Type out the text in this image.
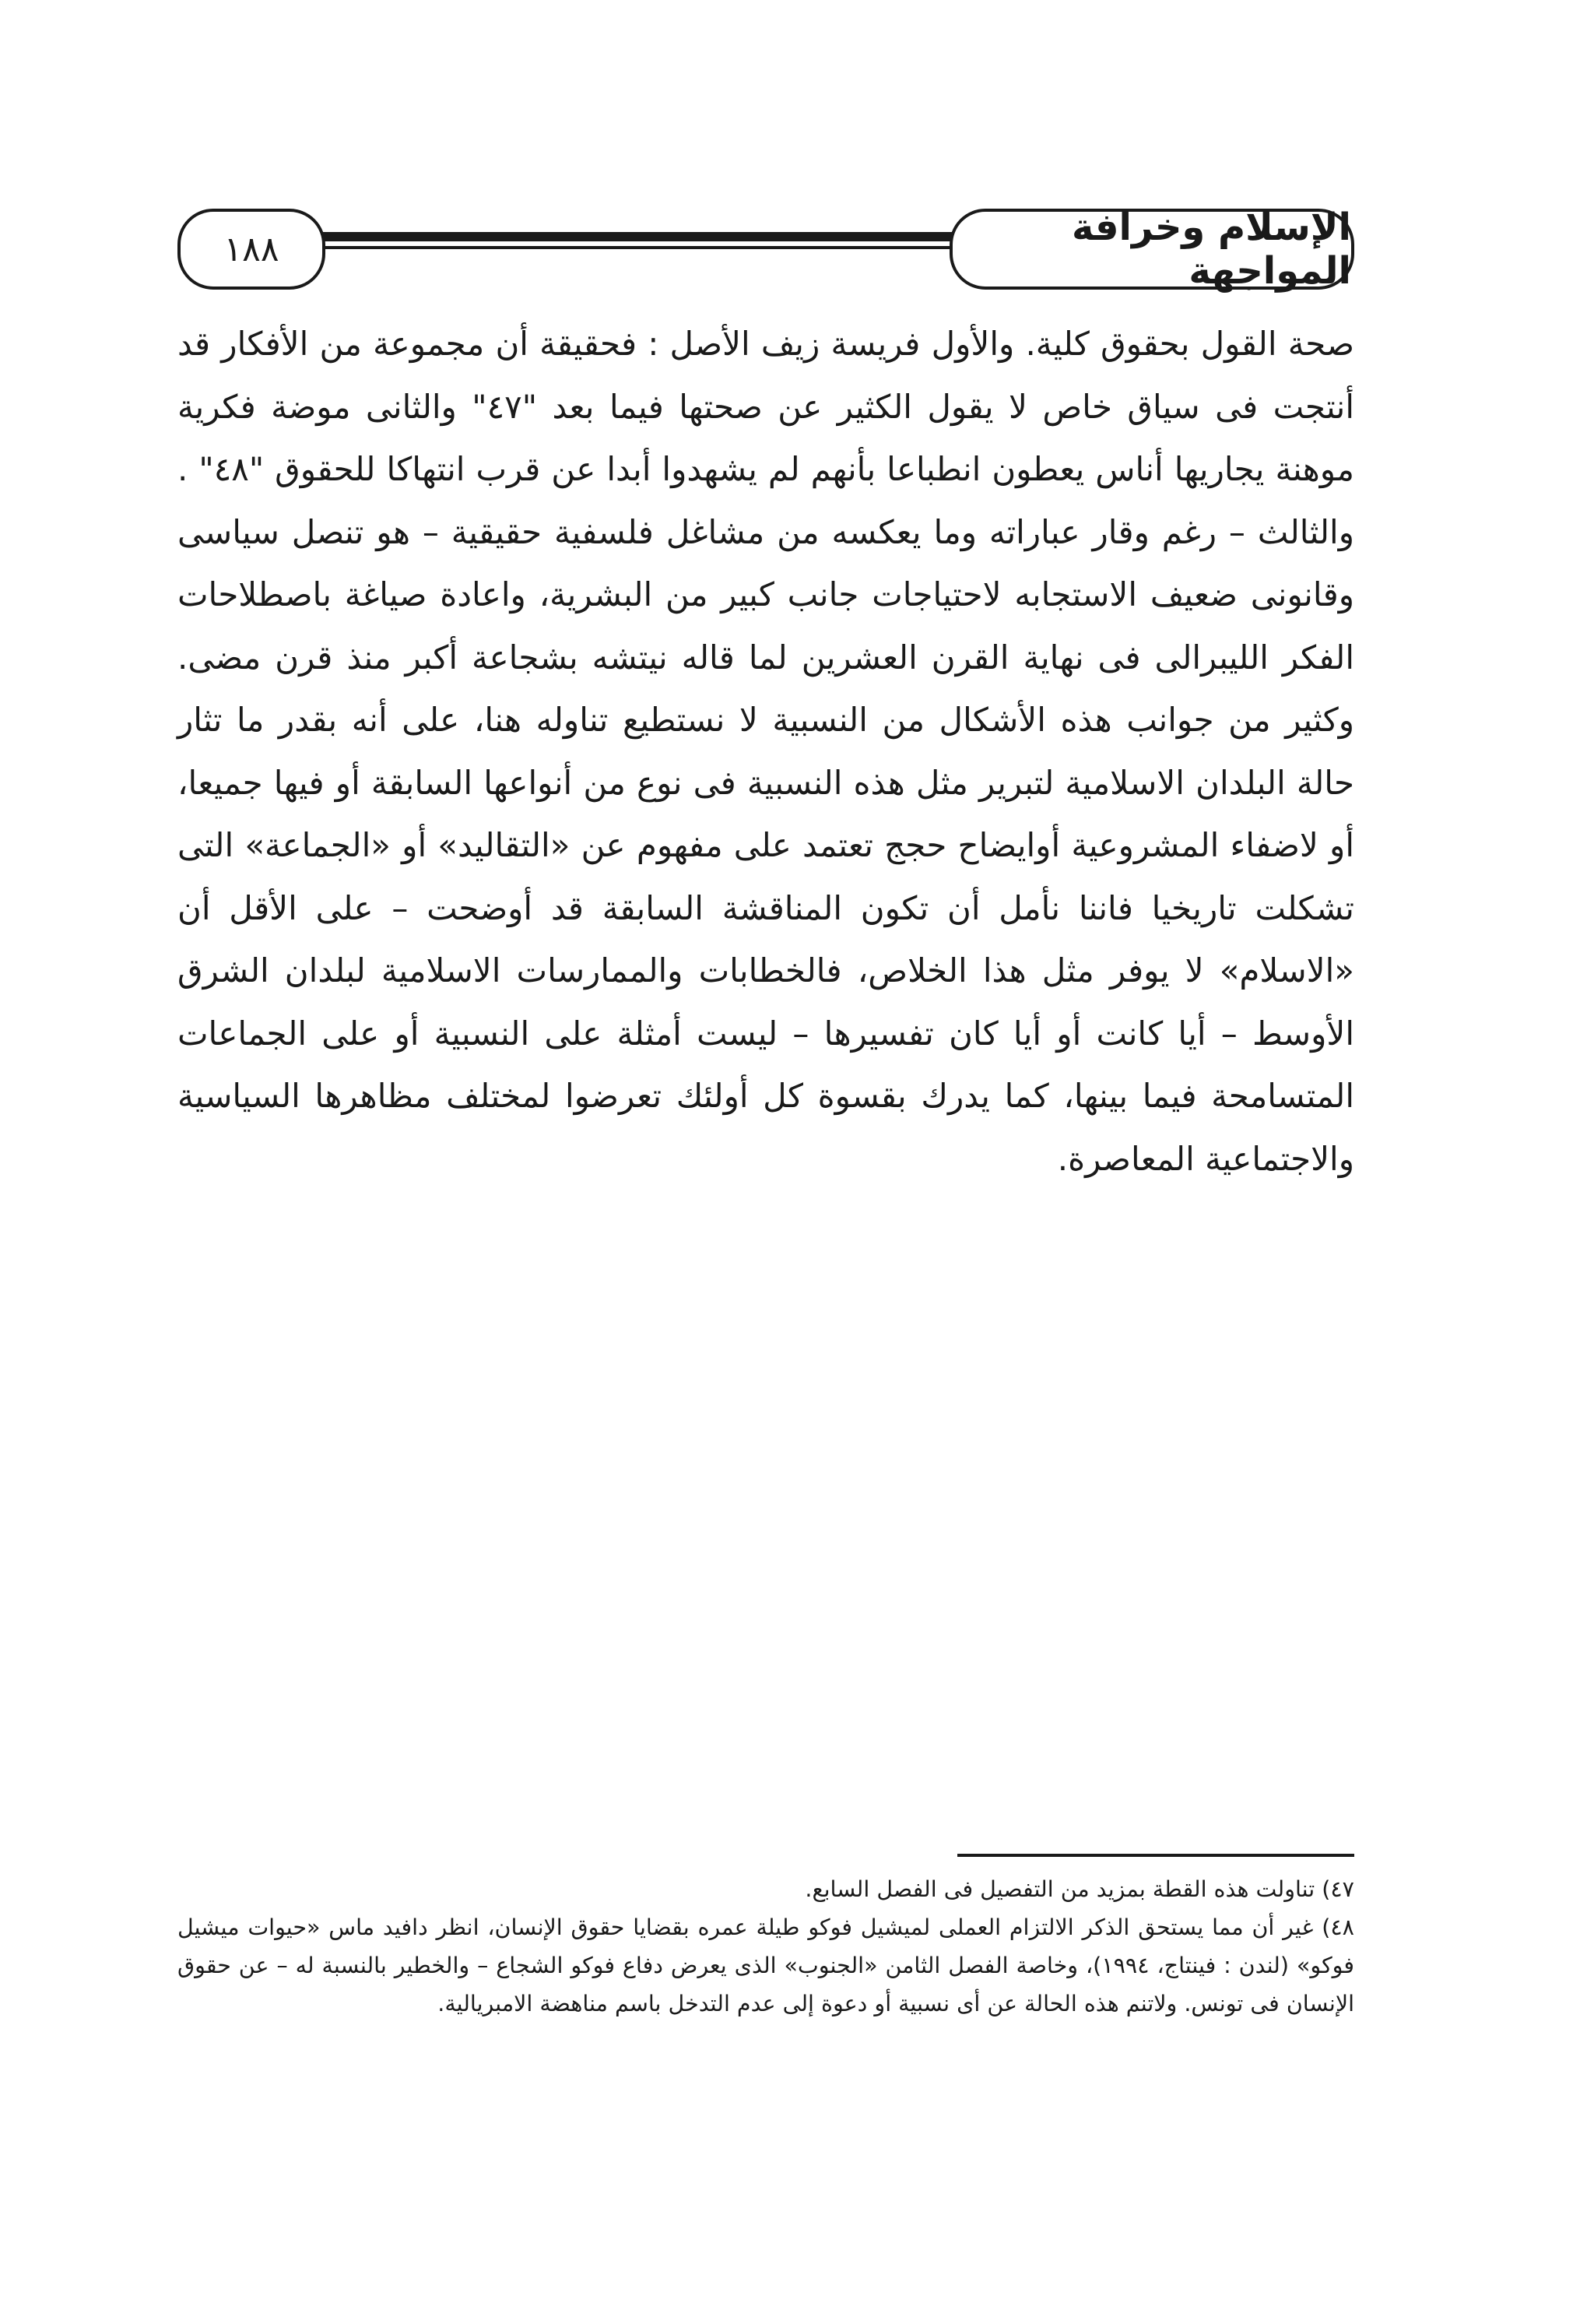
الإسلام وخرافة المواجهة
١٨٨

صحة القول بحقوق كلية. والأول فريسة زيف الأصل : فحقيقة أن مجموعة من الأفكار قد أنتجت فى سياق خاص لا يقول الكثير عن صحتها فيما بعد "٤٧" والثانى موضة فكرية موهنة يجاريها أناس يعطون انطباعا بأنهم لم يشهدوا أبدا عن قرب انتهاكا للحقوق "٤٨" . والثالث – رغم وقار عباراته وما يعكسه من مشاغل فلسفية حقيقية – هو تنصل سياسى وقانونى ضعيف الاستجابه لاحتياجات جانب كبير من البشرية، واعادة صياغة باصطلاحات الفكر الليبرالى فى نهاية القرن العشرين لما قاله نيتشه بشجاعة أكبر منذ قرن مضى. وكثير من جوانب هذه الأشكال من النسبية لا نستطيع تناوله هنا، على أنه بقدر ما تثار حالة البلدان الاسلامية لتبرير مثل هذه النسبية فى نوع من أنواعها السابقة أو فيها جميعا، أو لاضفاء المشروعية أوايضاح حجج تعتمد على مفهوم عن «التقاليد» أو «الجماعة» التى تشكلت تاريخيا فاننا نأمل أن تكون المناقشة السابقة قد أوضحت – على الأقل أن «الاسلام» لا يوفر مثل هذا الخلاص، فالخطابات والممارسات الاسلامية لبلدان الشرق الأوسط – أيا كانت أو أيا كان تفسيرها – ليست أمثلة على النسبية أو على الجماعات المتسامحة فيما بينها، كما يدرك بقسوة كل أولئك تعرضوا لمختلف مظاهرها السياسية والاجتماعية المعاصرة.

٤٧) تناولت هذه القطة بمزيد من التفصيل فى الفصل السابع.

٤٨) غير أن مما يستحق الذكر الالتزام العملى لميشيل فوكو طيلة عمره بقضايا حقوق الإنسان، انظر دافيد ماس «حيوات ميشيل فوكو» (لندن : فينتاج، ١٩٩٤)، وخاصة الفصل الثامن «الجنوب» الذى يعرض دفاع فوكو الشجاع – والخطير بالنسبة له – عن حقوق الإنسان فى تونس. ولاتنم هذه الحالة عن أى نسبية أو دعوة إلى عدم التدخل باسم مناهضة الامبريالية.
